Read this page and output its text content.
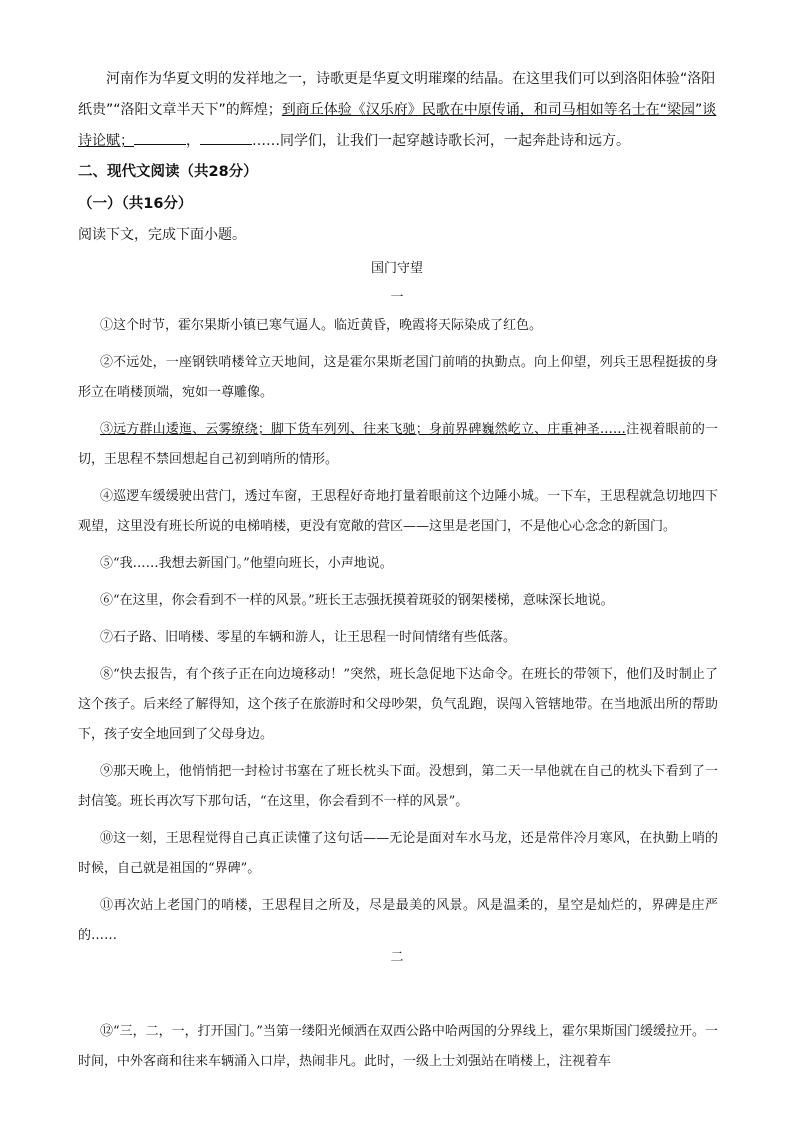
河南作为华夏文明的发祥地之一，诗歌更是华夏文明璀璨的结晶。在这里我们可以到洛阳体验“洛阳纸贵”“洛阳文章半天下”的辉煌；到商丘体验《汉乐府》民歌在中原传诵，和司马相如等名士在“梁园”谈诗论赋；	，	……同学们，让我们一起穿越诗歌长河，一起奔赴诗和远方。

二、现代文阅读（共28分）
（一）（共16分）
阅读下文，完成下面小题。
国门守望
一

①这个时节，霍尔果斯小镇已寒气逼人。临近黄昏，晚霞将天际染成了红色。

②不远处，一座钢铁哨楼耸立天地间，这是霍尔果斯老国门前哨的执勤点。向上仰望，列兵王思程挺拔的身形立在哨楼顶端，宛如一尊雕像。

③远方群山逶迤、云雾缭绕；脚下货车列列、往来飞驰；身前界碑巍然屹立、庄重神圣……注视着眼前的一切，王思程不禁回想起自己初到哨所的情形。

④巡逻车缓缓驶出营门，透过车窗，王思程好奇地打量着眼前这个边陲小城。一下车，王思程就急切地四下观望，这里没有班长所说的电梯哨楼，更没有宽敞的营区——这里是老国门，不是他心心念念的新国门。

⑤“我……我想去新国门。”他望向班长，小声地说。

⑥“在这里，你会看到不一样的风景。”班长王志强抚摸着斑驳的钢架楼梯，意味深长地说。

⑦石子路、旧哨楼、零星的车辆和游人，让王思程一时间情绪有些低落。

⑧“快去报告，有个孩子正在向边境移动！”突然，班长急促地下达命令。在班长的带领下，他们及时制止了这个孩子。后来经了解得知，这个孩子在旅游时和父母吵架，负气乱跑，误闯入管辖地带。在当地派出所的帮助下，孩子安全地回到了父母身边。

⑨那天晚上，他悄悄把一封检讨书塞在了班长枕头下面。没想到，第二天一早他就在自己的枕头下看到了一封信笺。班长再次写下那句话，“在这里，你会看到不一样的风景”。

⑩这一刻，王思程觉得自己真正读懂了这句话——无论是面对车水马龙，还是常伴冷月寒风，在执勤上哨的时候，自己就是祖国的“界碑”。

⑪再次站上老国门的哨楼，王思程目之所及，尽是最美的风景。风是温柔的，星空是灿烂的，界碑是庄严的……

二

⑫“三，二，一，打开国门。”当第一缕阳光倾洒在双西公路中哈两国的分界线上，霍尔果斯国门缓缓拉开。一时间，中外客商和往来车辆涌入口岸，热闹非凡。此时，一级上士刘强站在哨楼上，注视着车
